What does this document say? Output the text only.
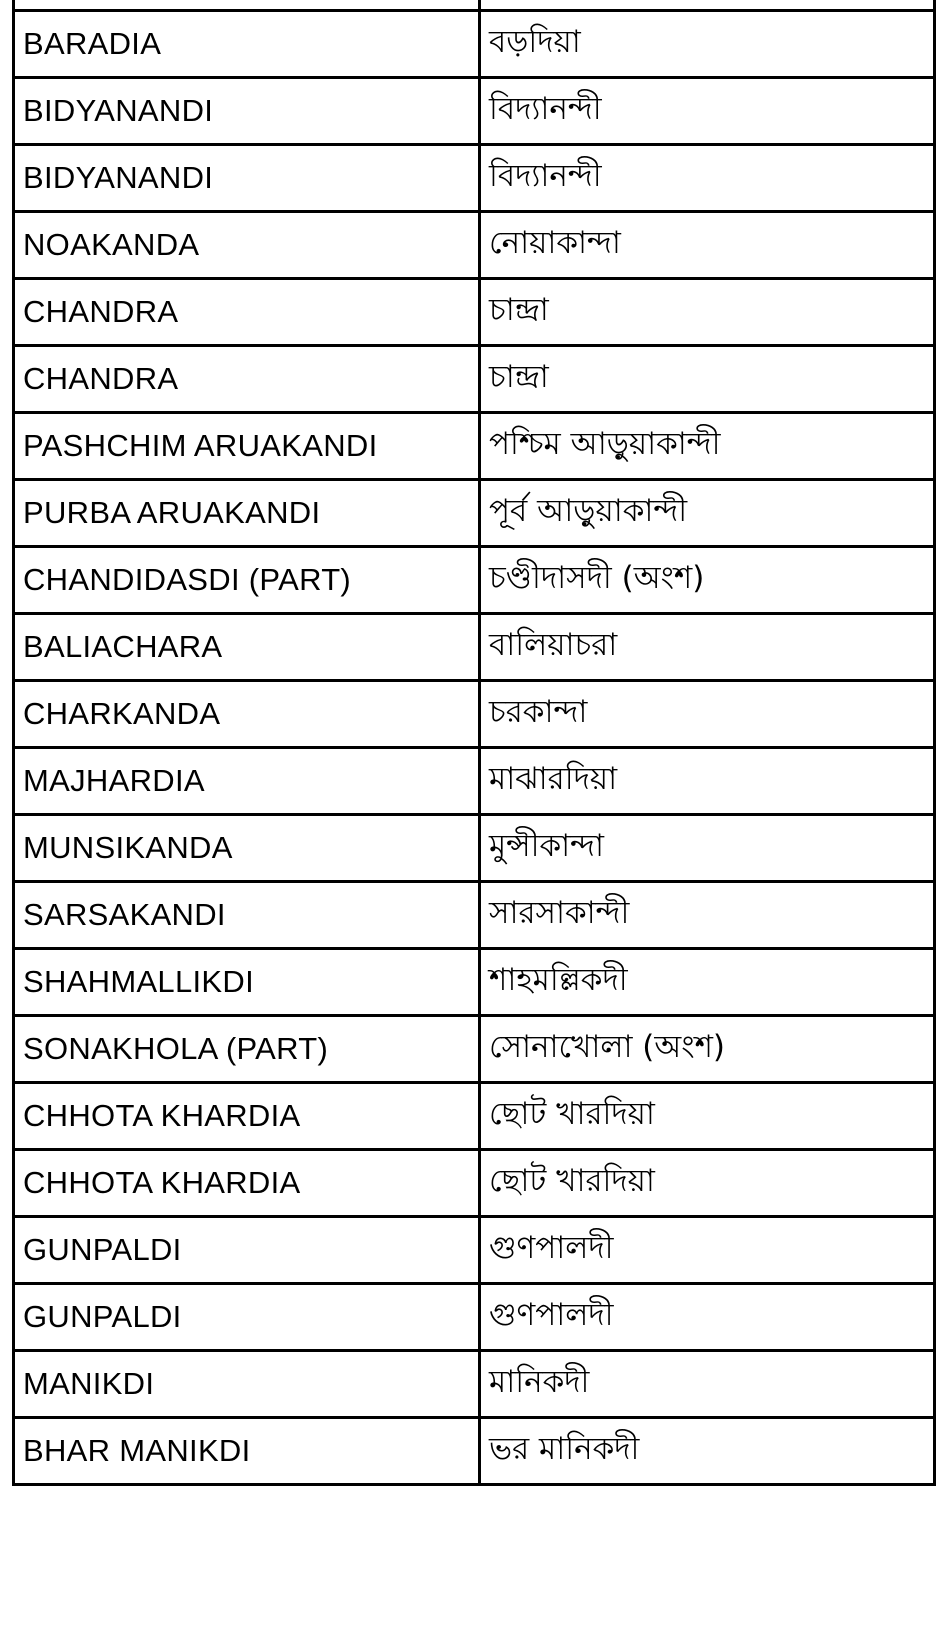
BARADIA	বড়দিয়া
BIDYANANDI	বিদ্যানন্দী
BIDYANANDI	বিদ্যানন্দী
NOAKANDA	নোয়াকান্দা
CHANDRA	চান্দ্রা
CHANDRA	চান্দ্রা
PASHCHIM ARUAKANDI	পশ্চিম আড়ুয়াকান্দী
PURBA ARUAKANDI	পূর্ব আড়ুয়াকান্দী
CHANDIDASDI (PART)	চণ্ডীদাসদী (অংশ)
BALIACHARA	বালিয়াচরা
CHARKANDA	চরকান্দা
MAJHARDIA	মাঝারদিয়া
MUNSIKANDA	মুন্সীকান্দা
SARSAKANDI	সারসাকান্দী
SHAHMALLIKDI	শাহমল্লিকদী
SONAKHOLA (PART)	সোনাখোলা (অংশ)
CHHOTA KHARDIA	ছোট খারদিয়া
CHHOTA KHARDIA	ছোট খারদিয়া
GUNPALDI	গুণপালদী
GUNPALDI	গুণপালদী
MANIKDI	মানিকদী
BHAR MANIKDI	ভর মানিকদী
